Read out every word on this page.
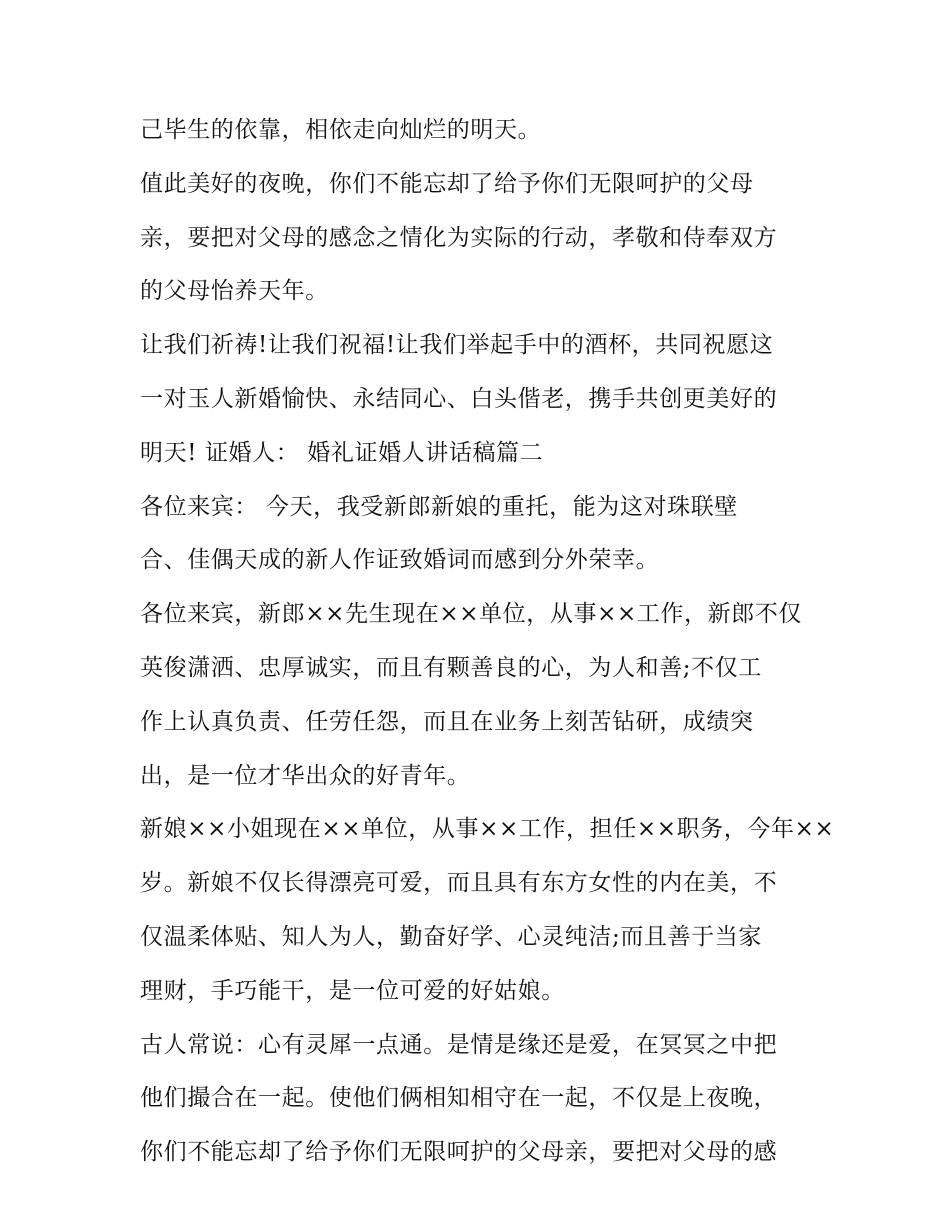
己毕生的依靠，相依走向灿烂的明天。
值此美好的夜晚，你们不能忘却了给予你们无限呵护的父母
亲，要把对父母的感念之情化为实际的行动，孝敬和侍奉双方
的父母怡养天年。
让我们祈祷!让我们祝福!让我们举起手中的酒杯，共同祝愿这
一对玉人新婚愉快、永结同心、白头偕老，携手共创更美好的
明天! 证婚人： 婚礼证婚人讲话稿篇二
各位来宾： 今天，我受新郎新娘的重托，能为这对珠联壁
合、佳偶天成的新人作证致婚词而感到分外荣幸。
各位来宾，新郎××先生现在××单位，从事××工作，新郎不仅
英俊潇洒、忠厚诚实，而且有颗善良的心，为人和善;不仅工
作上认真负责、任劳任怨，而且在业务上刻苦钻研，成绩突
出，是一位才华出众的好青年。
新娘××小姐现在××单位，从事××工作，担任××职务，今年××
岁。新娘不仅长得漂亮可爱，而且具有东方女性的内在美，不
仅温柔体贴、知人为人，勤奋好学、心灵纯洁;而且善于当家
理财，手巧能干，是一位可爱的好姑娘。
古人常说：心有灵犀一点通。是情是缘还是爱，在冥冥之中把
他们撮合在一起。使他们俩相知相守在一起，不仅是上夜晚，
你们不能忘却了给予你们无限呵护的父母亲，要把对父母的感
